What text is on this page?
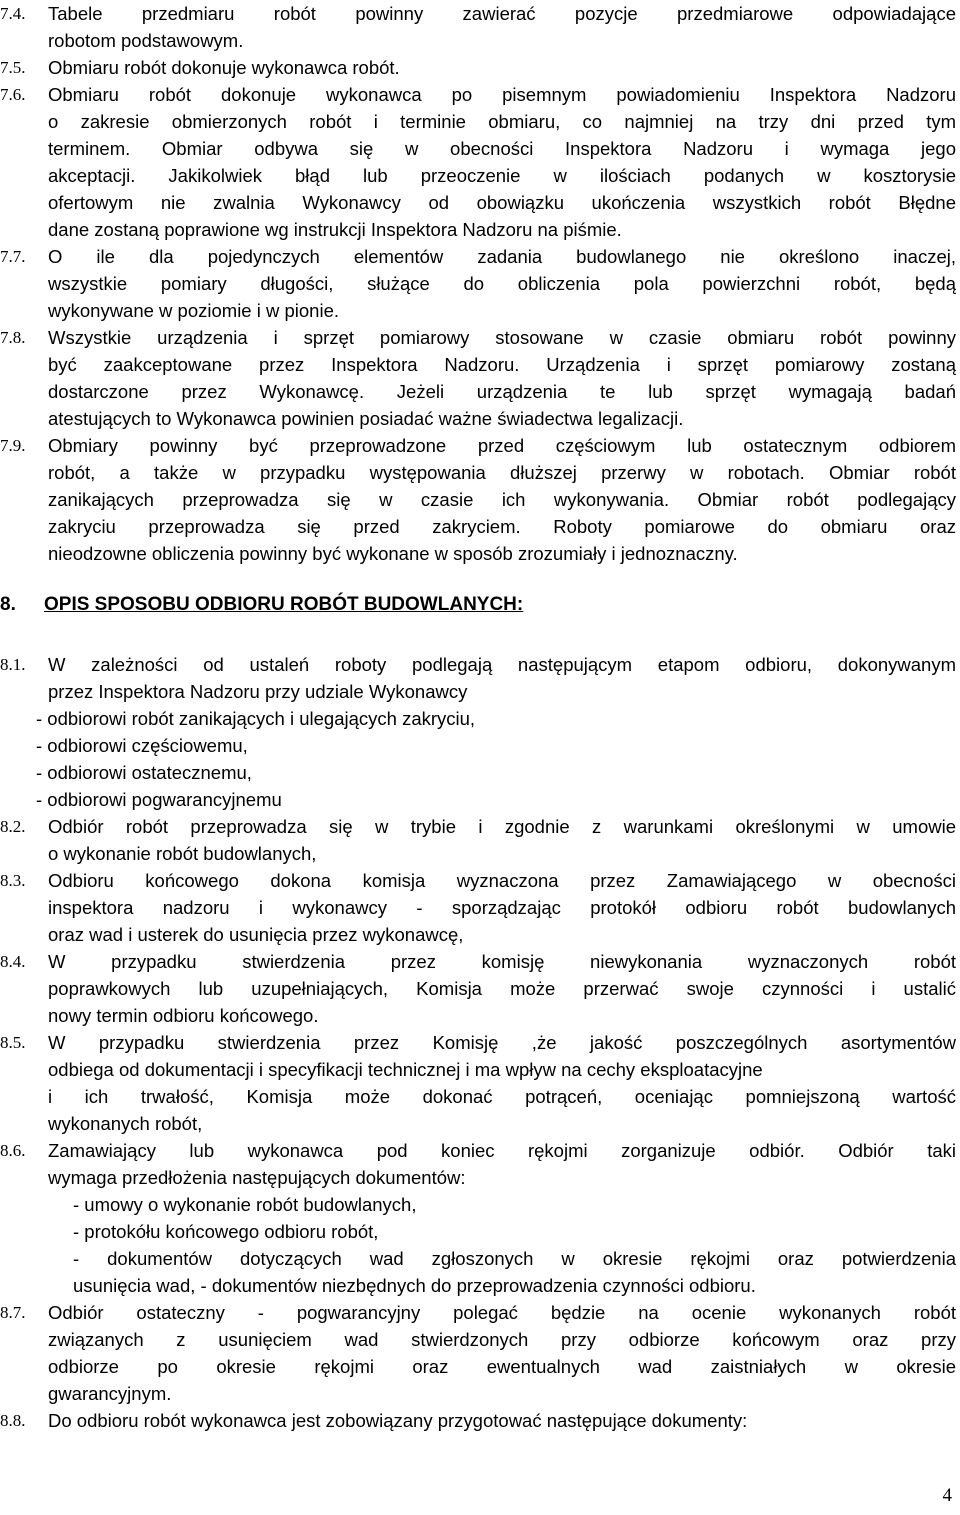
7.4.	Tabele przedmiaru robót powinny zawierać pozycje przedmiarowe odpowiadające
robotom podstawowym.
7.5.	Obmiaru robót dokonuje wykonawca robót.
7.6.	Obmiaru robót dokonuje wykonawca po pisemnym powiadomieniu Inspektora Nadzoru
o zakresie obmierzonych robót i terminie obmiaru, co najmniej na trzy dni przed tym
terminem. Obmiar odbywa się w obecności Inspektora Nadzoru i wymaga jego
akceptacji. Jakikolwiek błąd lub przeoczenie w ilościach podanych w kosztorysie
ofertowym nie zwalnia Wykonawcy od obowiązku ukończenia wszystkich robót Błędne
dane zostaną poprawione wg instrukcji Inspektora Nadzoru na piśmie.
7.7.	O ile dla pojedynczych elementów zadania budowlanego nie określono inaczej,
wszystkie pomiary długości, służące do obliczenia pola powierzchni robót, będą
wykonywane w poziomie i w pionie.
7.8.	Wszystkie urządzenia i sprzęt pomiarowy stosowane w czasie obmiaru robót powinny
być zaakceptowane przez Inspektora Nadzoru. Urządzenia i sprzęt pomiarowy zostaną
dostarczone przez Wykonawcę. Jeżeli urządzenia te lub sprzęt wymagają badań
atestujących to Wykonawca powinien posiadać ważne świadectwa legalizacji.
7.9.	Obmiary powinny być przeprowadzone przed częściowym lub ostatecznym odbiorem
robót, a także w przypadku występowania dłuższej przerwy w robotach. Obmiar robót
zanikających przeprowadza się w czasie ich wykonywania. Obmiar robót podlegający
zakryciu przeprowadza się przed zakryciem. Roboty pomiarowe do obmiaru oraz
nieodzowne obliczenia powinny być wykonane w sposób zrozumiały i jednoznaczny.
8. OPIS SPOSOBU ODBIORU ROBÓT BUDOWLANYCH:
8.1.	W zależności od ustaleń roboty podlegają następującym etapom odbioru, dokonywanym
przez Inspektora Nadzoru przy udziale Wykonawcy
- odbiorowi robót zanikających i ulegających zakryciu,
- odbiorowi częściowemu,
- odbiorowi ostatecznemu,
- odbiorowi pogwarancyjnemu
8.2.	Odbiór robót przeprowadza się w trybie i zgodnie z warunkami określonymi w umowie
o wykonanie robót budowlanych,
8.3.	Odbioru końcowego dokona komisja wyznaczona przez Zamawiającego w obecności
inspektora nadzoru i wykonawcy - sporządzając protokół odbioru robót budowlanych
oraz wad i usterek do usunięcia przez wykonawcę,
8.4.	W przypadku stwierdzenia przez komisję niewykonania wyznaczonych robót
poprawkowych lub uzupełniających, Komisja może przerwać swoje czynności i ustalić
nowy termin odbioru końcowego.
8.5.	W przypadku stwierdzenia przez Komisję ,że jakość poszczególnych asortymentów
odbiega od dokumentacji i specyfikacji technicznej i ma wpływ na cechy eksploatacyjne
i ich trwałość, Komisja może dokonać potrąceń, oceniając pomniejszoną wartość
wykonanych robót,
8.6.	Zamawiający lub wykonawca pod koniec rękojmi zorganizuje odbiór. Odbiór taki
wymaga przedłożenia następujących dokumentów:
- umowy o wykonanie robót budowlanych,
- protokółu końcowego odbioru robót,
- dokumentów dotyczących wad zgłoszonych w okresie rękojmi oraz potwierdzenia
usunięcia wad, - dokumentów niezbędnych do przeprowadzenia czynności odbioru.
8.7.	Odbiór ostateczny - pogwarancyjny polegać będzie na ocenie wykonanych robót
związanych z usunięciem wad stwierdzonych przy odbiorze końcowym oraz przy
odbiorze po okresie rękojmi oraz ewentualnych wad zaistniałych w okresie
gwarancyjnym.
8.8.	Do odbioru robót wykonawca jest zobowiązany przygotować następujące dokumenty:
4
